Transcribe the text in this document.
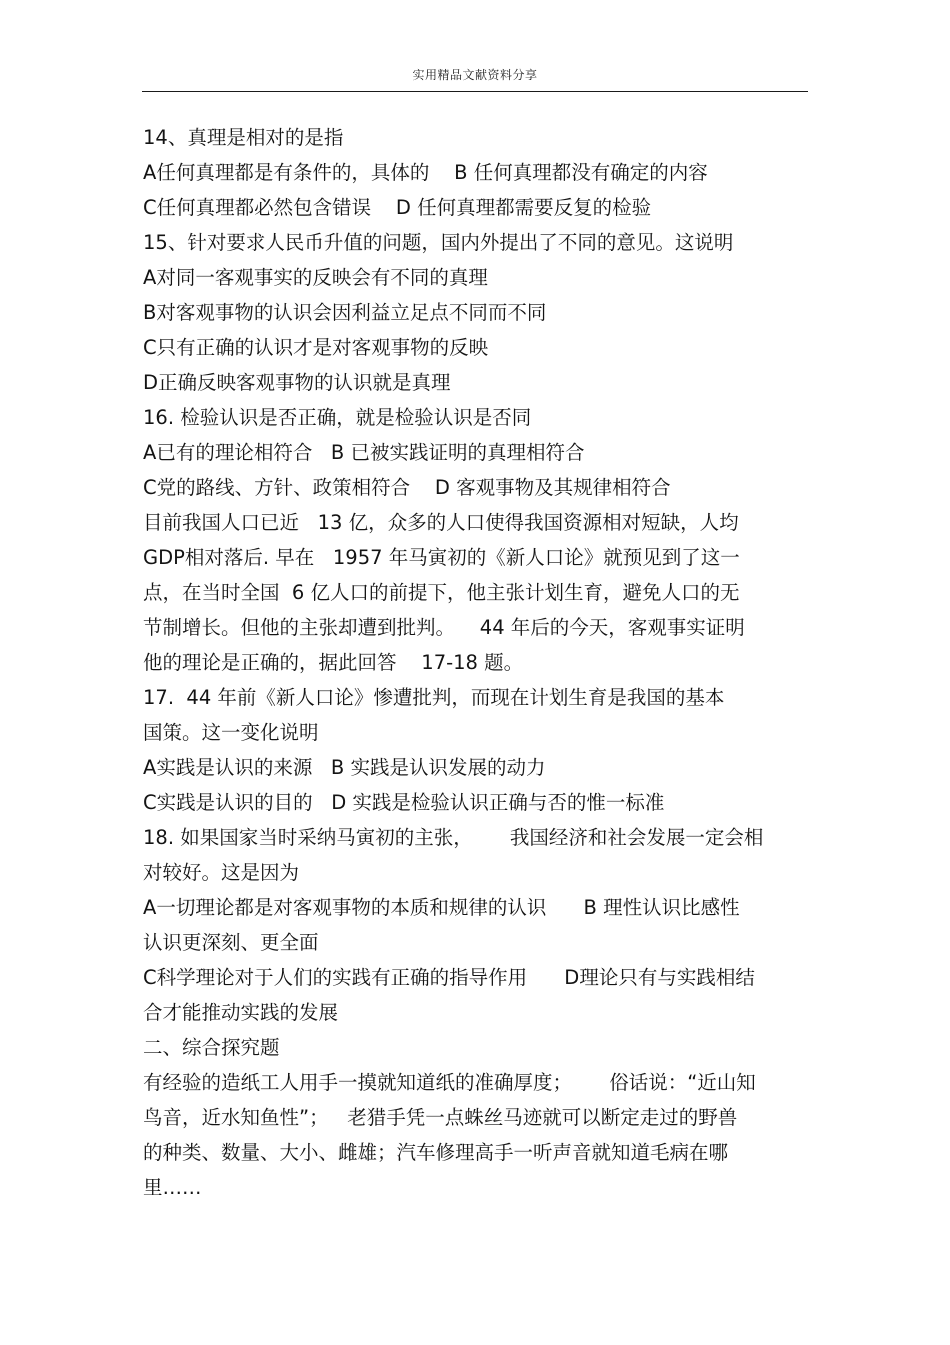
实用精品文献资料分享
14、真理是相对的是指
A任何真理都是有条件的，具体的    B 任何真理都没有确定的内容
C任何真理都必然包含错误    D 任何真理都需要反复的检验
15、针对要求人民币升值的问题，国内外提出了不同的意见。这说明
A对同一客观事实的反映会有不同的真理
B对客观事物的认识会因利益立足点不同而不同
C只有正确的认识才是对客观事物的反映
D正确反映客观事物的认识就是真理
16. 检验认识是否正确，就是检验认识是否同
A已有的理论相符合   B 已被实践证明的真理相符合
C党的路线、方针、政策相符合    D 客观事物及其规律相符合
目前我国人口已近   13 亿，众多的人口使得我国资源相对短缺，人均
GDP相对落后. 早在   1957 年马寅初的《新人口论》就预见到了这一
点，在当时全国  6 亿人口的前提下，他主张计划生育，避免人口的无
节制增长。但他的主张却遭到批判。    44 年后的今天，客观事实证明
他的理论是正确的，据此回答    17-18 题。
17.  44 年前《新人口论》惨遭批判，而现在计划生育是我国的基本
国策。这一变化说明
A实践是认识的来源   B 实践是认识发展的动力
C实践是认识的目的   D 实践是检验认识正确与否的惟一标准
18. 如果国家当时采纳马寅初的主张，      我国经济和社会发展一定会相
对较好。这是因为
A一切理论都是对客观事物的本质和规律的认识      B 理性认识比感性
认识更深刻、更全面
C科学理论对于人们的实践有正确的指导作用      D理论只有与实践相结
合才能推动实践的发展
二、综合探究题
有经验的造纸工人用手一摸就知道纸的准确厚度；      俗话说：“近山知
鸟音，近水知鱼性”；   老猎手凭一点蛛丝马迹就可以断定走过的野兽
的种类、数量、大小、雌雄；汽车修理高手一听声音就知道毛病在哪
里……
